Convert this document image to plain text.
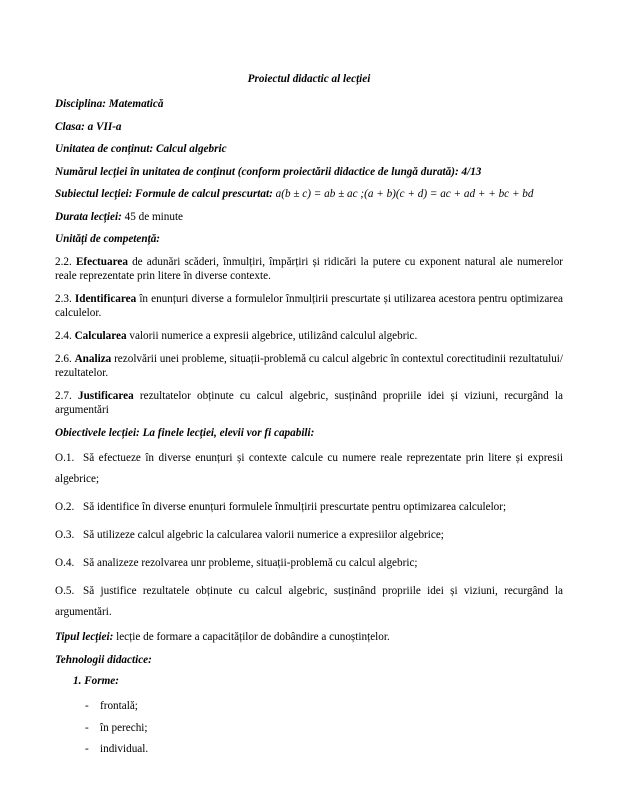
Proiectul didactic al lecției
Disciplina: Matematică
Clasa: a VII-a
Unitatea de conținut: Calcul algebric
Numărul lecției în unitatea de conținut (conform proiectării didactice de lungă durată): 4/13
Subiectul lecției: Formule de calcul prescurtat: a(b ± c) = ab ± ac ;(a + b)(c + d) = ac + ad + + bc + bd
Durata lecției: 45 de minute
Unități de competență:
2.2. Efectuarea de adunări scăderi, înmulțiri, împărțiri și ridicări la putere cu exponent natural ale numerelor reale reprezentate prin litere în diverse contexte.
2.3. Identificarea în enunțuri diverse a formulelor înmulțirii prescurtate și utilizarea acestora pentru optimizarea calculelor.
2.4. Calcularea valorii numerice a expresii algebrice, utilizând calculul algebric.
2.6. Analiza rezolvării unei probleme, situații-problemă cu calcul algebric în contextul corectitudinii rezultatului/ rezultatelor.
2.7. Justificarea rezultatelor obținute cu calcul algebric, susținând propriile idei și viziuni, recurgând la argumentări
Obiectivele lecției: La finele lecției, elevii vor fi capabili:
O.1. Să efectueze în diverse enunțuri și contexte calcule cu numere reale reprezentate prin litere și expresii algebrice;
O.2. Să identifice în diverse enunțuri formulele înmulțirii prescurtate pentru optimizarea calculelor;
O.3. Să utilizeze calcul algebric la calcularea valorii numerice a expresiilor algebrice;
O.4. Să analizeze rezolvarea unr probleme, situații-problemă cu calcul algebric;
O.5. Să justifice rezultatele obținute cu calcul algebric, susținând propriile idei și viziuni, recurgând la argumentări.
Tipul lecției: lecție de formare a capacităților de dobândire a cunoștințelor.
Tehnologii didactice:
1. Forme:
- frontală;
- în perechi;
- individual.
